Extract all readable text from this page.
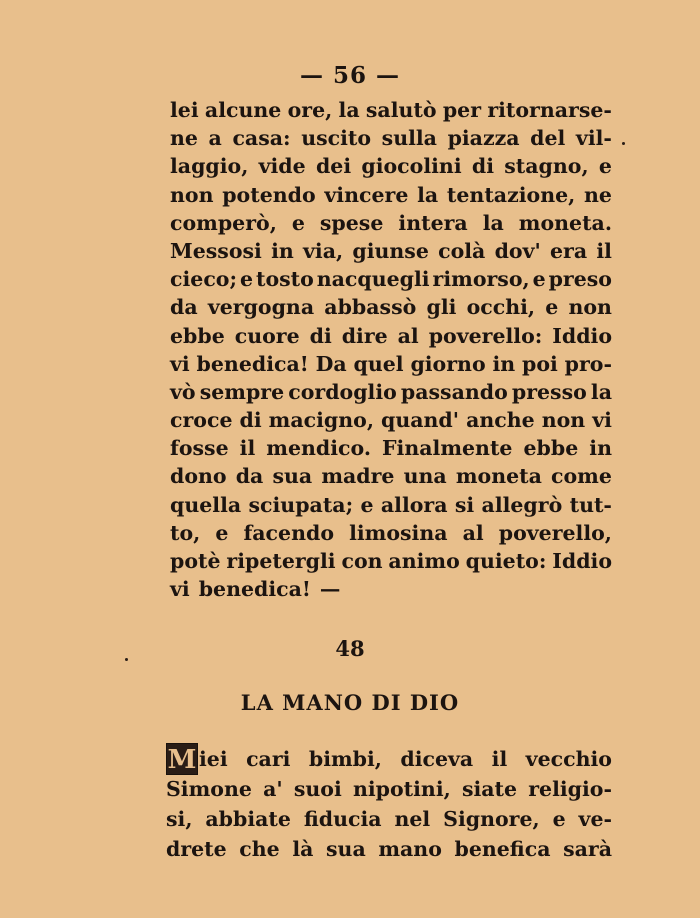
— 56 —
lei alcune ore, la salutò per ritornarse-
ne a casa: uscito sulla piazza del vil-
laggio, vide dei giocolini di stagno, e
non potendo vincere la tentazione, ne
comperò, e spese intera la moneta.
Messosi in via, giunse colà dov' era il
cieco; e tosto nacquegli rimorso, e preso
da vergogna abbassò gli occhi, e non
ebbe cuore di dire al poverello: Iddio
vi benedica! Da quel giorno in poi pro-
vò sempre cordoglio passando presso la
croce di macigno, quand' anche non vi
fosse il mendico. Finalmente ebbe in
dono da sua madre una moneta come
quella sciupata; e allora si allegrò tut-
to, e facendo limosina al poverello,
potè ripetergli con animo quieto: Iddio
vi benedica! —
48
LA MANO DI DIO
M iei cari bimbi, diceva il vecchio
Simone a' suoi nipotini, siate religio-
si, abbiate fiducia nel Signore, e ve-
drete che là sua mano benefica sarà
